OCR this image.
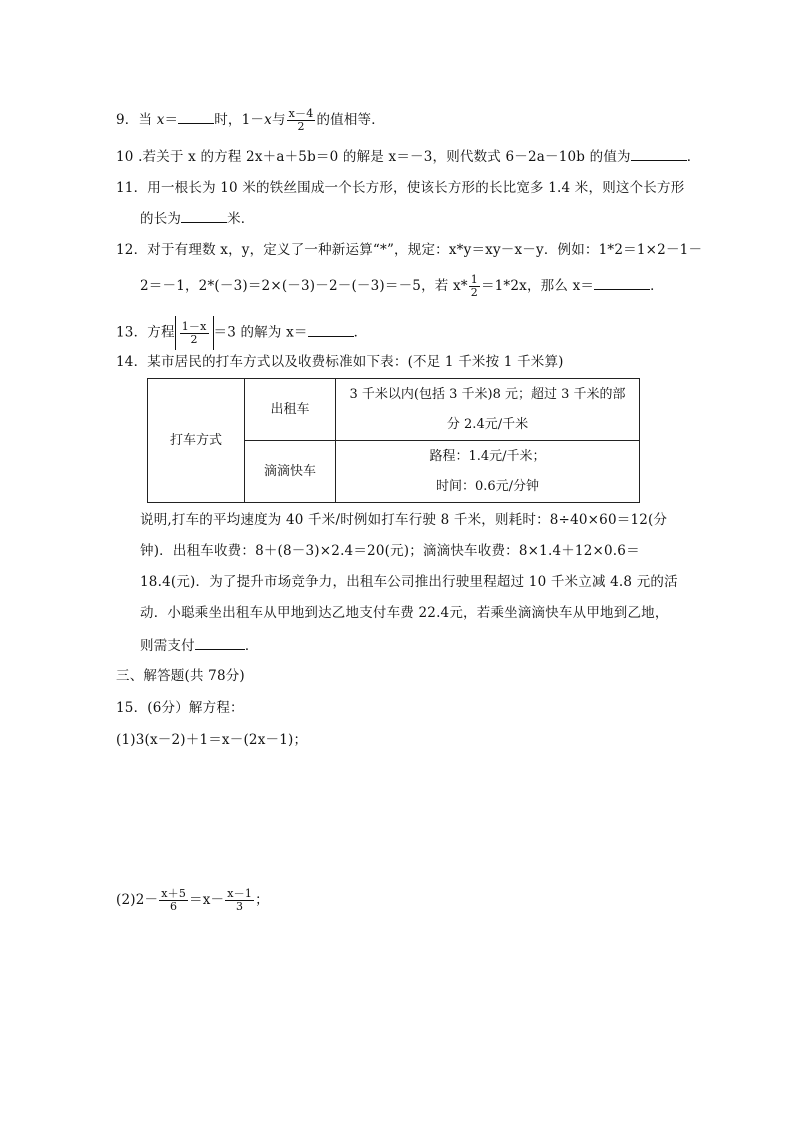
9．当 x＝	时，1－x与 $\frac{x-4}{2}$ 的值相等．
10 .若关于 x 的方程 2x＋a＋5b＝0 的解是 x＝－3，则代数式 6－2a－10b 的值为	．
11．用一根长为 10 米的铁丝围成一个长方形，使该长方形的长比宽多 1.4 米，则这个长方形
的长为	米．
12．对于有理数 x，y，定义了一种新运算“*”，规定：x*y＝xy－x－y．例如：1*2＝1×2－1－
2＝－1，2*(－3)＝2×(－3)－2－(－3)＝－5，若 $x* \frac{1}{2} =1*2x$，那么 x＝	．
13．方程 $\frac{1-x}{2} =3$ 的解为 x＝	．
14．某市居民的打车方式以及收费标准如下表：(不足 1 千米按 1 千米算)
打车方式	出租车	3 千米以内(包括 3 千米)8 元；超过 3 千米的部
分 2.4元/千米

	滴滴快车	路程：1.4元/千米；
时间：0.6元/分钟
说明,打车的平均速度为 40 千米/时例如打车行驶 8 千米，则耗时：8÷40×60＝12(分
钟)．出租车收费：8＋(8－3)×2.4＝20(元)；滴滴快车收费：8×1.4＋12×0.6＝
18.4(元)．为了提升市场竞争力，出租车公司推出行驶里程超过 10 千米立减 4.8 元的活
动．小聪乘坐出租车从甲地到达乙地支付车费 22.4元，若乘坐滴滴快车从甲地到乙地，
则需支付	．
三、解答题(共 78分)
15．(6分）解方程：
(1)3(x－2)＋1＝x－(2x－1)；
$(2)2- \frac{x+5}{6} =x- \frac{x-1}{3}$ ；
